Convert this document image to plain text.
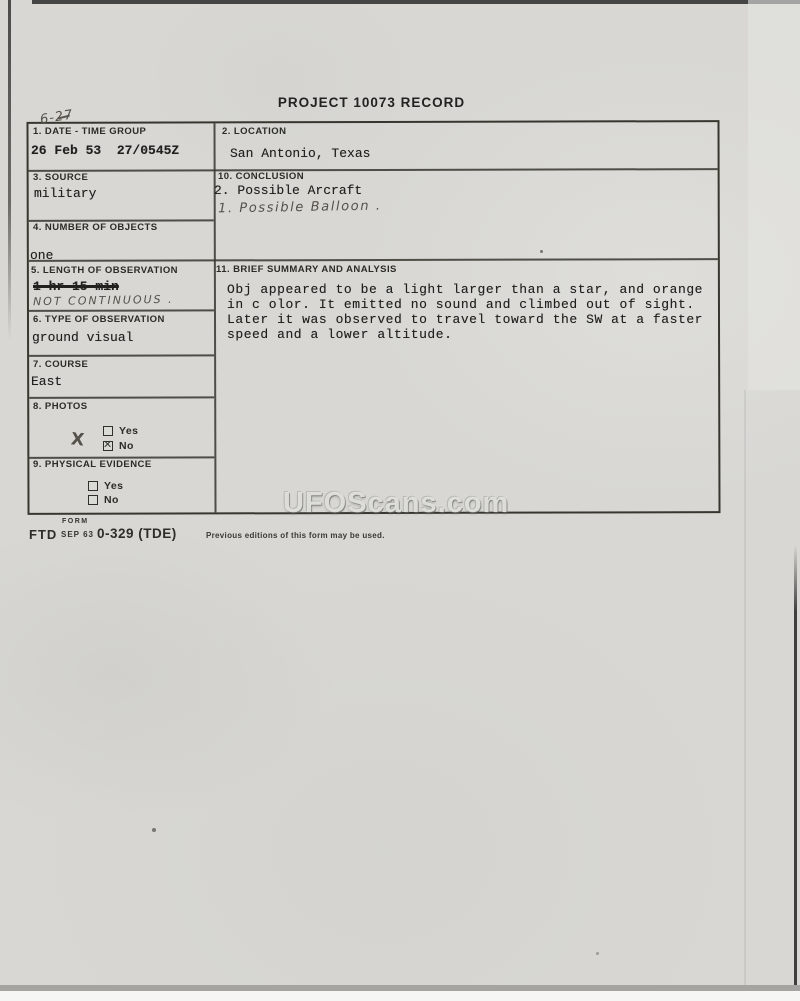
PROJECT 10073 RECORD
1. DATE - TIME GROUP
6-27
26 Feb 53  27/0545Z
2. LOCATION
San Antonio, Texas
3. SOURCE
military
10. CONCLUSION
2. Possible Arcraft
1. Possible Balloon .
4. NUMBER OF OBJECTS
one
5. LENGTH OF OBSERVATION
1 hr 15 min
NOT CONTINUOUS .
11. BRIEF SUMMARY AND ANALYSIS
Obj appeared to be a light larger than a star, and orange
in c olor. It emitted no sound and climbed out of sight.
Later it was observed to travel toward the SW at a faster
speed and a lower altitude.
6. TYPE OF OBSERVATION
ground visual
7. COURSE
East
8. PHOTOS
Yes
X ✕ No
9. PHYSICAL EVIDENCE
Yes
No	UFOScans.com
FORM
FTD SEP 63 0-329 (TDE)	Previous editions of this form may be used.
